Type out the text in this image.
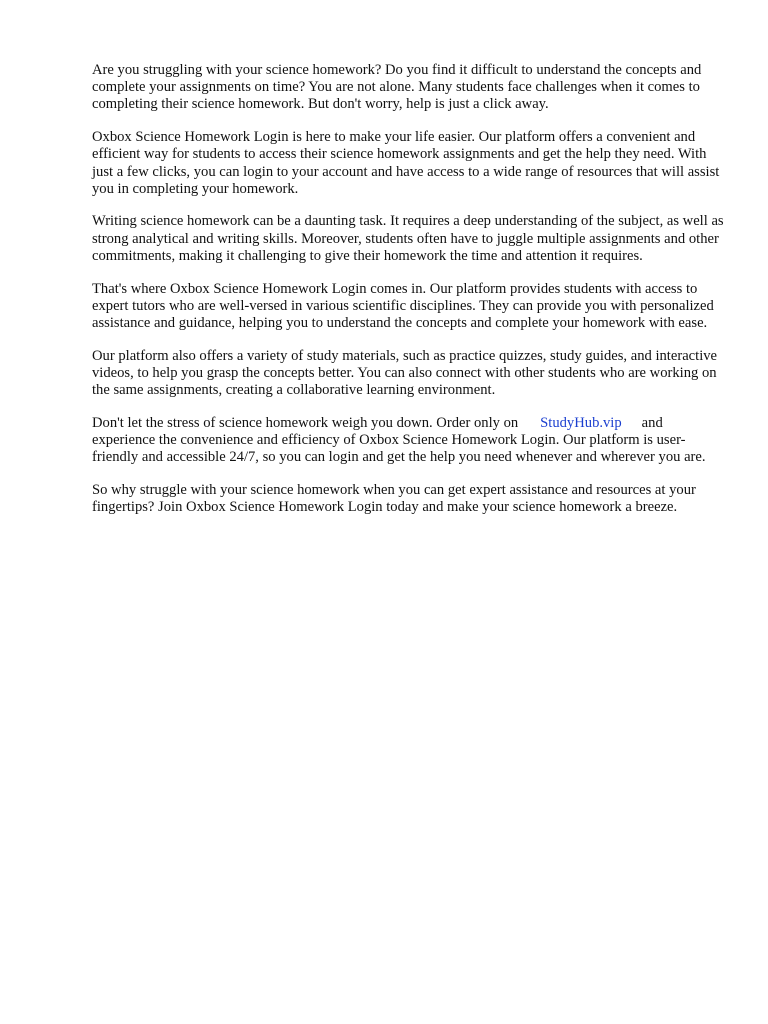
Are you struggling with your science homework? Do you find it difficult to understand the concepts and complete your assignments on time? You are not alone. Many students face challenges when it comes to completing their science homework. But don't worry, help is just a click away.

Oxbox Science Homework Login is here to make your life easier. Our platform offers a convenient and efficient way for students to access their science homework assignments and get the help they need. With just a few clicks, you can login to your account and have access to a wide range of resources that will assist you in completing your homework.

Writing science homework can be a daunting task. It requires a deep understanding of the subject, as well as strong analytical and writing skills. Moreover, students often have to juggle multiple assignments and other commitments, making it challenging to give their homework the time and attention it requires.

That's where Oxbox Science Homework Login comes in. Our platform provides students with access to expert tutors who are well-versed in various scientific disciplines. They can provide you with personalized assistance and guidance, helping you to understand the concepts and complete your homework with ease.

Our platform also offers a variety of study materials, such as practice quizzes, study guides, and interactive videos, to help you grasp the concepts better. You can also connect with other students who are working on the same assignments, creating a collaborative learning environment.

Don't let the stress of science homework weigh you down. Order only on StudyHub.vip and experience the convenience and efficiency of Oxbox Science Homework Login. Our platform is user-friendly and accessible 24/7, so you can login and get the help you need whenever and wherever you are.

So why struggle with your science homework when you can get expert assistance and resources at your fingertips? Join Oxbox Science Homework Login today and make your science homework a breeze.
